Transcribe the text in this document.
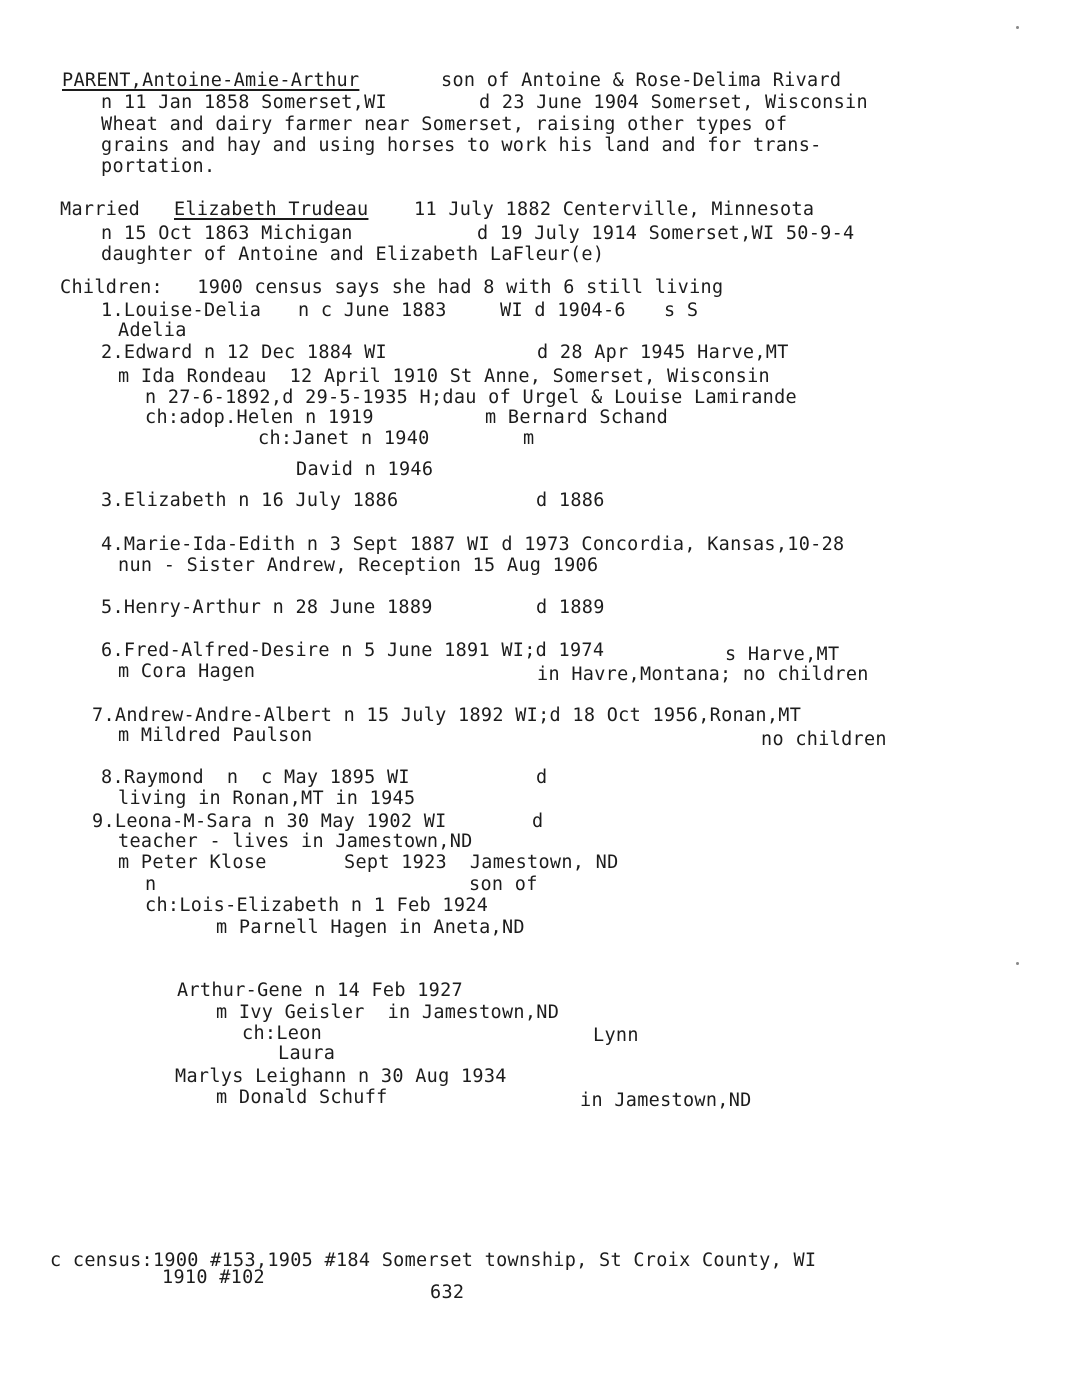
PARENT,Antoine-Amie-Arthur	son of Antoine & Rose-Delima Rivard

n 11 Jan 1858 Somerset,WI	d 23 June 1904 Somerset, Wisconsin

Wheat and dairy farmer near Somerset, raising other types of

grains and hay and using horses to work his land and for trans-

portation.

Married Elizabeth Trudeau 11 July 1882 Centerville, Minnesota

n 15 Oct 1863 Michigan	d 19 July 1914 Somerset,WI 50-9-4

daughter of Antoine and Elizabeth LaFleur(e)

Children:   1900 census says she had 8 with 6 still living

1.Louise-Delia n c June 1883	WI d 1904-6 s S

Adelia

2.Edward n 12 Dec 1884 WI	d 28 Apr 1945 Harve,MT

m Ida Rondeau  12 April 1910 St Anne, Somerset, Wisconsin

n 27-6-1892,d 29-5-1935 H;dau of Urgel & Louise Lamirande

ch:adop.Helen n 1919	m Bernard Schand

ch:Janet n 1940	m

David n 1946

3.Elizabeth n 16 July 1886	d 1886

4.Marie-Ida-Edith n 3 Sept 1887 WI d 1973 Concordia, Kansas,10-28

nun - Sister Andrew, Reception 15 Aug 1906

5.Henry-Arthur n 28 June 1889	d 1889

6.Fred-Alfred-Desire n 5 June 1891 WI;d 1974	s Harve,MT

m Cora Hagen	in Havre,Montana; no children

7.Andrew-Andre-Albert n 15 July 1892 WI;d 18 Oct 1956,Ronan,MT

m Mildred Paulson	no children

8.Raymond  n  c May 1895 WI	d

living in Ronan,MT in 1945

9.Leona-M-Sara n 30 May 1902 WI	d

teacher - lives in Jamestown,ND

m Peter Klose	Sept 1923  Jamestown, ND

n	son of

ch:Lois-Elizabeth n 1 Feb 1924

m Parnell Hagen in Aneta,ND

Arthur-Gene n 14 Feb 1927

m Ivy Geisler  in Jamestown,ND

ch:Leon	Lynn

Laura

Marlys Leighann n 30 Aug 1934

m Donald Schuff	in Jamestown,ND

c census:1900 #153,1905 #184 Somerset township, St Croix County, WI

1910 #102

632
